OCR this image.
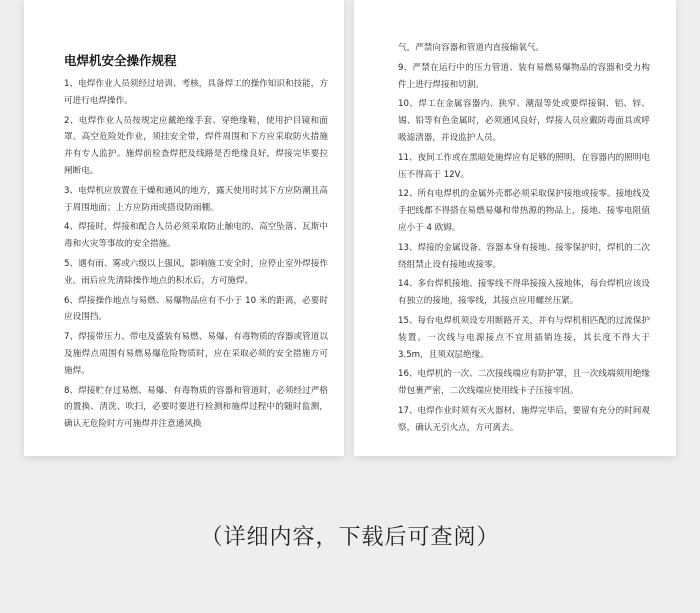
电焊机安全操作规程

1、电焊作业人员须经过培训、考核，具备焊工的操作知识和技能，方可进行电焊操作。

2、电焊作业人员按规定应戴绝缘手套、穿绝缘鞋，使用护目镜和面罩。高空危险处作业，须挂安全带，焊件周围和下方应采取防火措施并有专人监护。施焊前检查焊把及线路是否绝缘良好，焊接完毕要拉闸断电。

3、电焊机应放置在干燥和通风的地方，露天使用时其下方应防潮且高于周围地面；上方应防雨或搭设防雨棚。

4、焊接时，焊接和配合人员必须采取防止触电的、高空坠落、瓦斯中毒和火灾等事故的安全措施。

5、遇有雨、雾或六级以上强风，影响施工安全时，应停止室外焊接作业。雨后应先清除操作地点的积水后，方可施焊。

6、焊接操作地点与易燃、易爆物品应有不小于 10 米的距离，必要时应设围挡。

7、焊接带压力、带电及盛装有易燃、易爆、有毒物质的容器或管道以及施焊点周围有易燃易爆危险物质时，应在采取必须的安全措施方可施焊。

8、焊接贮存过易燃、易爆、有毒物质的容器和管道时，必须经过严格的置换、清洗、吹扫，必要时要进行检测和施焊过程中的随时监测，确认无危险时方可施焊并注意通风换

气，严禁向容器和管道内直接输氧气。

9、严禁在运行中的压力管道、装有易燃易爆物品的容器和受力构件上进行焊接和切割。

10、焊工在金属容器内、狭窄、潮湿等处或要焊接铜、铝、锌、锡、铅等有色金属时，必须通风良好，焊接人员应戴防毒面具或呼吸滤清器，并设监护人员。

11、夜间工作或在黑暗处施焊应有足够的照明，在容器内的照明电压不得高于 12V。

12、所有电焊机的金属外壳都必须采取保护接地或接零。接地线及手把线都不得搭在易燃易爆和带热源的物品上，接地、接零电阻值应小于 4 欧姆。

13、焊接的金属设备、容器本身有接地、接零保护时，焊机的二次绕组禁止设有接地或接零。

14、多台焊机接地、接零线不得串接接入接地体，每台焊机应该设有独立的接地，接零线，其接点应用螺丝压紧。

15、每台电焊机须设专用断路开关，并有与焊机相匹配的过流保护装置。一次线与电源接点不宜用插销连接，其长度不得大于 3.5m，且须双层绝缘。

16、电焊机的一次、二次接线端应有防护罩，且一次线端须用绝缘带包裹严密，二次线端应使用线卡子压接牢固。

17、电焊作业时须有灭火器材，施焊完毕后，要留有充分的时间观察，确认无引火点，方可离去。

（详细内容，下载后可查阅）
